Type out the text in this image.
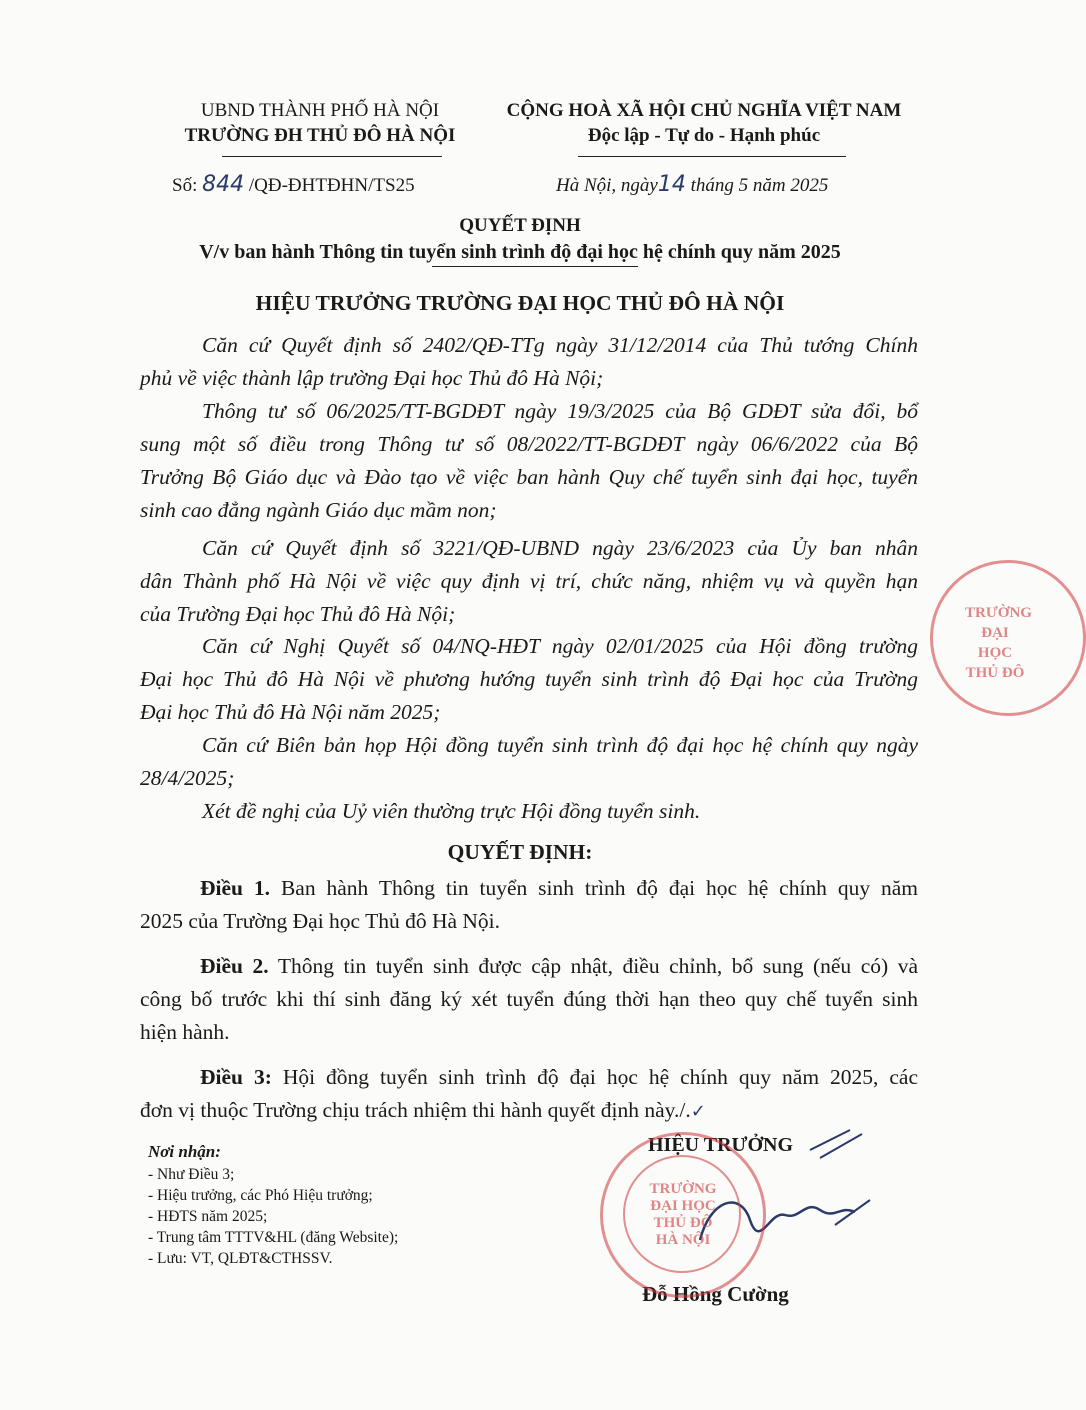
UBND THÀNH PHỐ HÀ NỘI
TRƯỜNG ĐH THỦ ĐÔ HÀ NỘI
CỘNG HOÀ XÃ HỘI CHỦ NGHĨA VIỆT NAM
Độc lập - Tự do - Hạnh phúc
Số: 844 /QĐ-ĐHTĐHN/TS25	Hà Nội, ngày14 tháng 5 năm 2025
QUYẾT ĐỊNH
V/v ban hành Thông tin tuyển sinh trình độ đại học hệ chính quy năm 2025
HIỆU TRƯỞNG TRƯỜNG ĐẠI HỌC THỦ ĐÔ HÀ NỘI
Căn cứ Quyết định số 2402/QĐ-TTg ngày 31/12/2014 của Thủ tướng Chính
phủ về việc thành lập trường Đại học Thủ đô Hà Nội;
Thông tư số 06/2025/TT-BGDĐT ngày 19/3/2025 của Bộ GDĐT sửa đổi, bổ
sung một số điều trong Thông tư số 08/2022/TT-BGDĐT ngày 06/6/2022 của Bộ
Trưởng Bộ Giáo dục và Đào tạo về việc ban hành Quy chế tuyển sinh đại học, tuyển
sinh cao đẳng ngành Giáo dục mầm non;
Căn cứ Quyết định số 3221/QĐ-UBND ngày 23/6/2023 của Ủy ban nhân
dân Thành phố Hà Nội về việc quy định vị trí, chức năng, nhiệm vụ và quyền hạn
của Trường Đại học Thủ đô Hà Nội;
Căn cứ Nghị Quyết số 04/NQ-HĐT ngày 02/01/2025 của Hội đồng trường
Đại học Thủ đô Hà Nội về phương hướng tuyển sinh trình độ Đại học của Trường
Đại học Thủ đô Hà Nội năm 2025;
Căn cứ Biên bản họp Hội đồng tuyển sinh trình độ đại học hệ chính quy ngày
28/4/2025;
Xét đề nghị của Uỷ viên thường trực Hội đồng tuyển sinh.
QUYẾT ĐỊNH:
Điều 1. Ban hành Thông tin tuyển sinh trình độ đại học hệ chính quy năm
2025 của Trường Đại học Thủ đô Hà Nội.
Điều 2. Thông tin tuyển sinh được cập nhật, điều chỉnh, bổ sung (nếu có) và
công bố trước khi thí sinh đăng ký xét tuyển đúng thời hạn theo quy chế tuyển sinh
hiện hành.
Điều 3: Hội đồng tuyển sinh trình độ đại học hệ chính quy năm 2025, các
đơn vị thuộc Trường chịu trách nhiệm thi hành quyết định này./.✓
Nơi nhận:
- Như Điều 3;
- Hiệu trưởng, các Phó Hiệu trưởng;
- HĐTS năm 2025;
- Trung tâm TTTV&HL (đăng Website);
- Lưu: VT, QLĐT&CTHSSV.
HIỆU TRƯỞNG
Đỗ Hồng Cường
TRƯỜNG
ĐẠI HỌC
THỦ ĐÔ
HÀ NỘI
TRƯỜNG
ĐẠI HỌC
THỦ ĐÔ
